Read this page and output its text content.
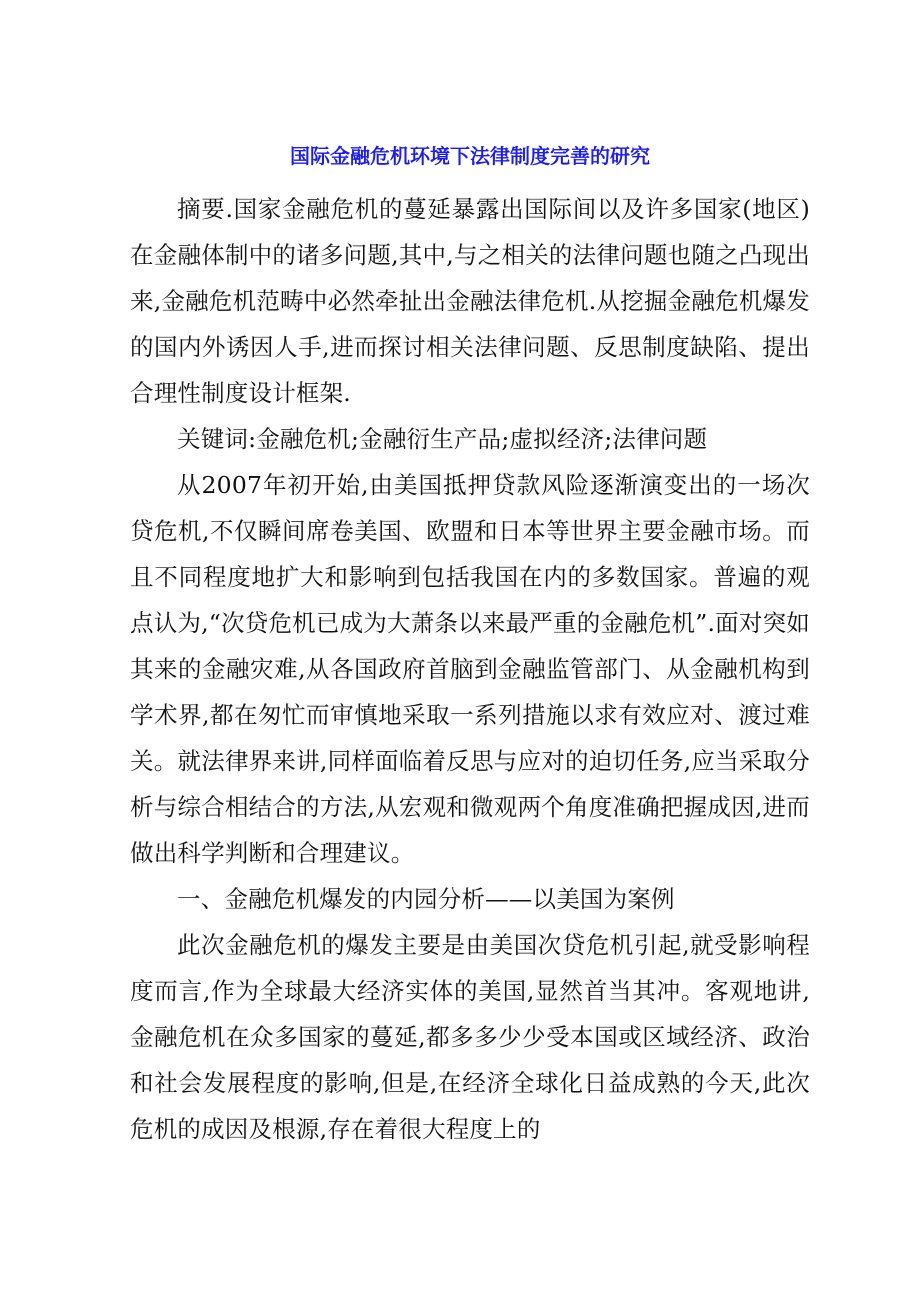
国际金融危机环境下法律制度完善的研究

摘要.国家金融危机的蔓延暴露出国际间以及许多国家(地区)在金融体制中的诸多问题,其中,与之相关的法律问题也随之凸现出来,金融危机范畴中必然牵扯出金融法律危机.从挖掘金融危机爆发的国内外诱因人手,进而探讨相关法律问题、反思制度缺陷、提出合理性制度设计框架.

关键词:金融危机;金融衍生产品;虚拟经济;法律问题

从2007年初开始,由美国抵押贷款风险逐渐演变出的一场次贷危机,不仅瞬间席卷美国、欧盟和日本等世界主要金融市场。而且不同程度地扩大和影响到包括我国在内的多数国家。普遍的观点认为,“次贷危机已成为大萧条以来最严重的金融危机”.面对突如其来的金融灾难,从各国政府首脑到金融监管部门、从金融机构到学术界,都在匆忙而审慎地采取一系列措施以求有效应对、渡过难关。就法律界来讲,同样面临着反思与应对的迫切任务,应当采取分析与综合相结合的方法,从宏观和微观两个角度准确把握成因,进而做出科学判断和合理建议。

一、金融危机爆发的内园分析——以美国为案例

此次金融危机的爆发主要是由美国次贷危机引起,就受影响程度而言,作为全球最大经济实体的美国,显然首当其冲。客观地讲,金融危机在众多国家的蔓延,都多多少少受本国或区域经济、政治和社会发展程度的影响,但是,在经济全球化日益成熟的今天,此次危机的成因及根源,存在着很大程度上的
